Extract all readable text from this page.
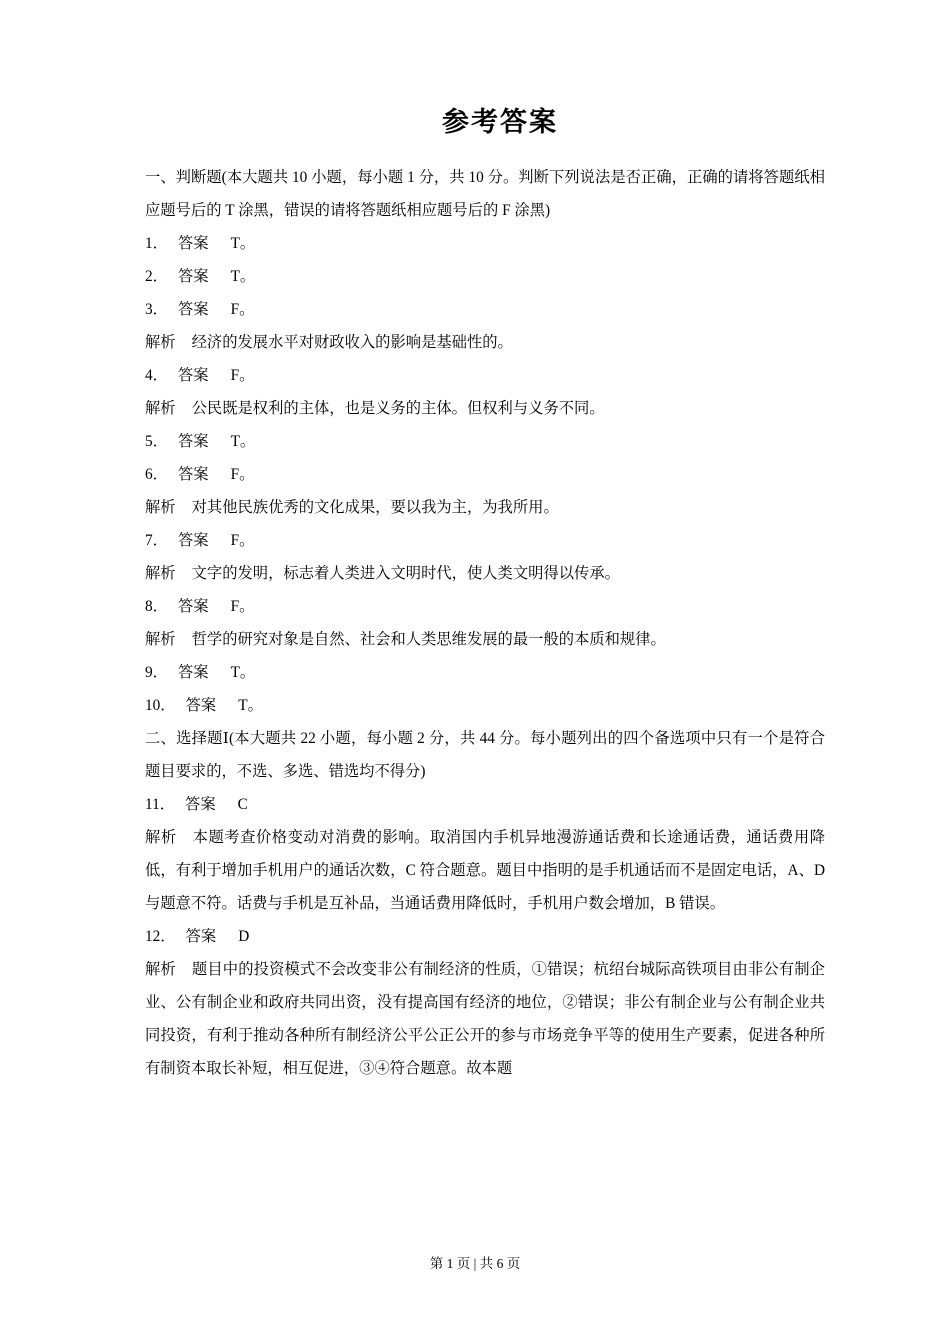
参考答案
一、判断题(本大题共 10 小题，每小题 1 分，共 10 分。判断下列说法是否正确，正确的请将答题纸相应题号后的 T 涂黑，错误的请将答题纸相应题号后的 F 涂黑)
1． 答案 T。
2． 答案 T。
3． 答案 F。
解析 经济的发展水平对财政收入的影响是基础性的。
4． 答案 F。
解析 公民既是权利的主体，也是义务的主体。但权利与义务不同。
5． 答案 T。
6． 答案 F。
解析 对其他民族优秀的文化成果，要以我为主，为我所用。
7． 答案 F。
解析 文字的发明，标志着人类进入文明时代，使人类文明得以传承。
8． 答案 F。
解析 哲学的研究对象是自然、社会和人类思维发展的最一般的本质和规律。
9． 答案 T。
10． 答案 T。
二、选择题Ⅰ(本大题共 22 小题，每小题 2 分，共 44 分。每小题列出的四个备选项中只有一个是符合题目要求的，不选、多选、错选均不得分)
11． 答案 C
解析 本题考查价格变动对消费的影响。取消国内手机异地漫游通话费和长途通话费，通话费用降低，有利于增加手机用户的通话次数，C 符合题意。题目中指明的是手机通话而不是固定电话，A、D 与题意不符。话费与手机是互补品，当通话费用降低时，手机用户数会增加，B 错误。
12． 答案 D
解析 题目中的投资模式不会改变非公有制经济的性质，①错误；杭绍台城际高铁项目由非公有制企业、公有制企业和政府共同出资，没有提高国有经济的地位，②错误；非公有制企业与公有制企业共同投资，有利于推动各种所有制经济公平公正公开的参与市场竞争平等的使用生产要素，促进各种所有制资本取长补短，相互促进，③④符合题意。故本题
第 1 页 | 共 6 页
